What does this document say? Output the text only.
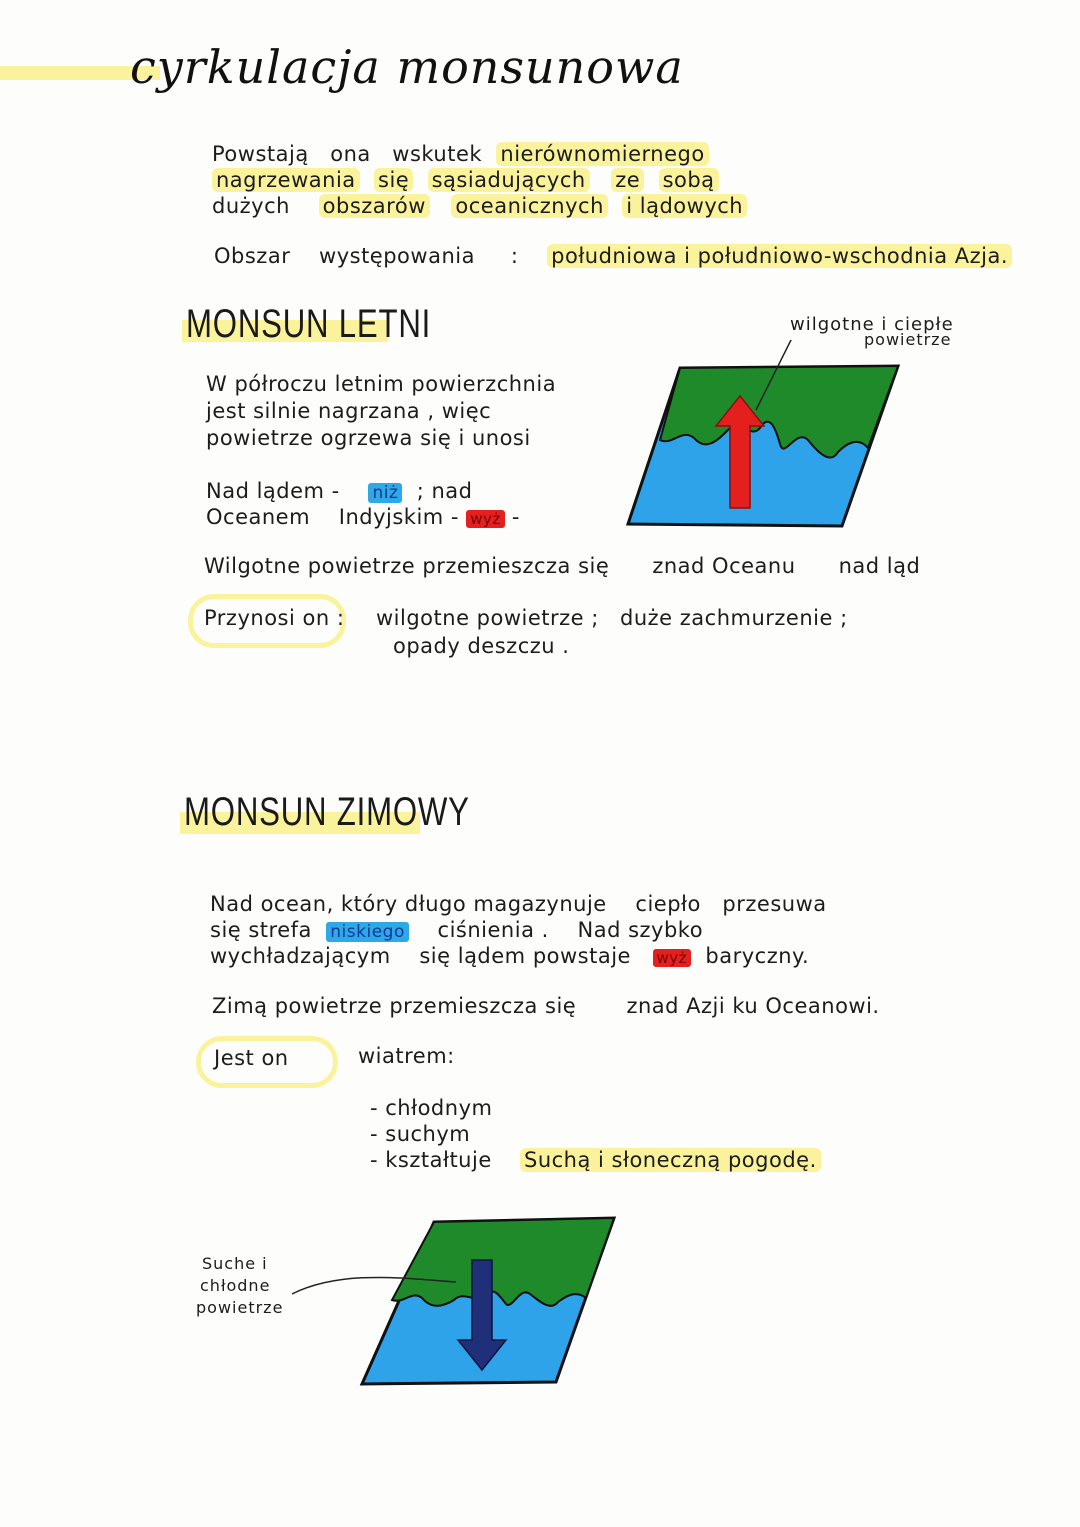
cyrkulacja monsunowa
Powstają ona wskutek nierównomiernego
nagrzewania się sąsiadujących ze sobą
dużych obszarów oceanicznych i lądowych
Obszar występowania : południowa i południowo-wschodnia Azja.
MONSUN LETNI
W półroczu letnim powierzchnia
jest silnie nagrzana , więc
powietrze ogrzewa się i unosi
Nad lądem - niż ; nad
Oceanem Indyjskim - wyż -
Wilgotne powietrze przemieszcza się znad Oceanu nad ląd
Przynosi on : wilgotne powietrze ; duże zachmurzenie ;
opady deszczu .
wilgotne i ciepłe
powietrze
MONSUN ZIMOWY
Nad ocean, który długo magazynuje ciepło przesuwa
się strefa niskiego ciśnienia . Nad szybko
wychładzającym się lądem powstaje wyż baryczny.
Zimą powietrze przemieszcza się znad Azji ku Oceanowi.
Jest on	wiatrem:
- chłodnym
- suchym
- kształtuje Suchą i słoneczną pogodę.
Suche i
chłodne
powietrze
